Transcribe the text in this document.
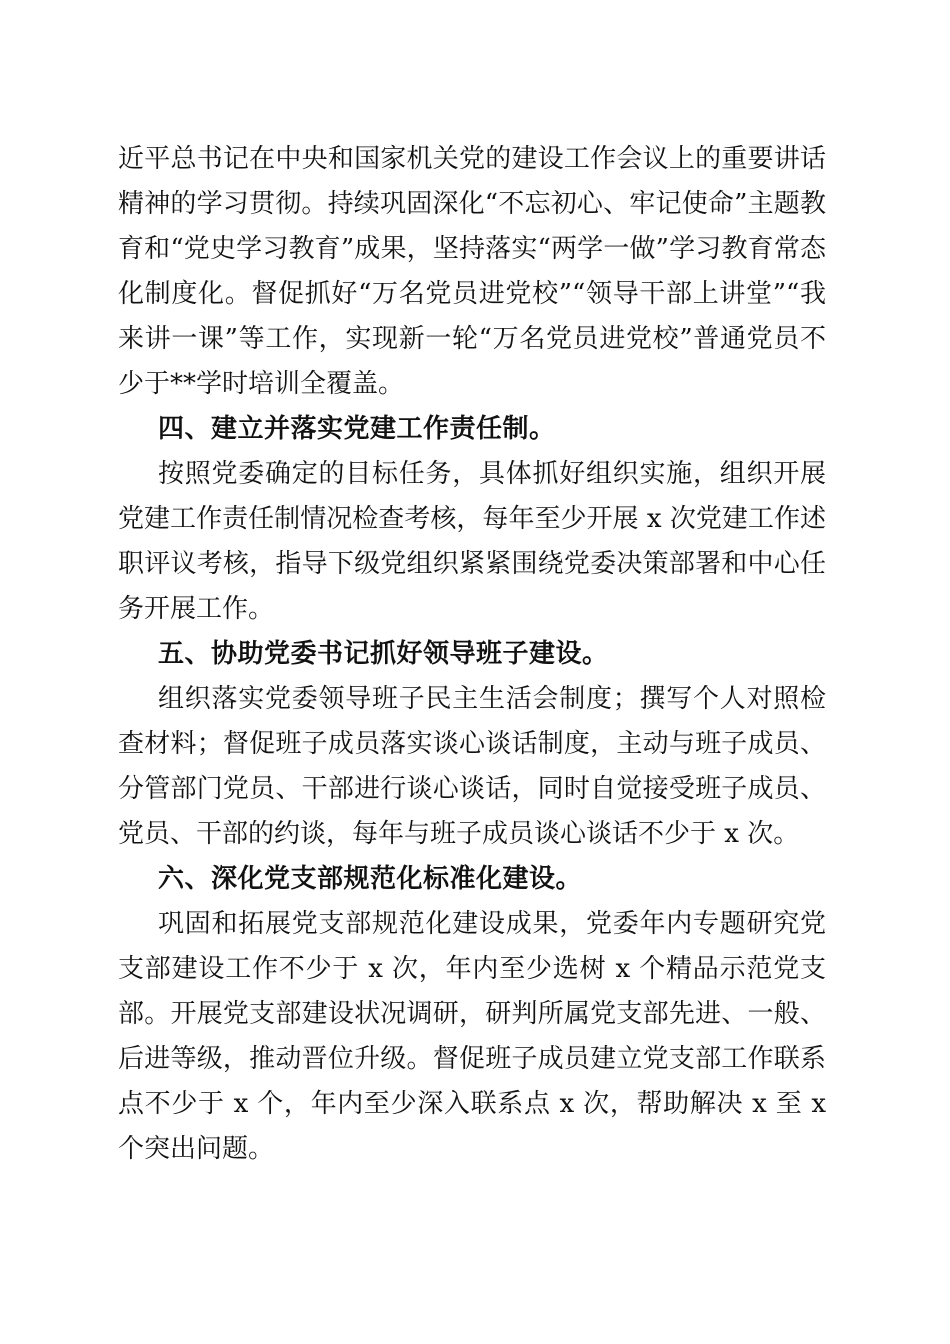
近平总书记在中央和国家机关党的建设工作会议上的重要讲话精神的学习贯彻。持续巩固深化“不忘初心、牢记使命”主题教育和“党史学习教育”成果，坚持落实“两学一做”学习教育常态化制度化。督促抓好“万名党员进党校”“领导干部上讲堂”“我来讲一课”等工作，实现新一轮“万名党员进党校”普通党员不少于**学时培训全覆盖。

四、建立并落实党建工作责任制。

按照党委确定的目标任务，具体抓好组织实施，组织开展党建工作责任制情况检查考核，每年至少开展 x 次党建工作述职评议考核，指导下级党组织紧紧围绕党委决策部署和中心任务开展工作。

五、协助党委书记抓好领导班子建设。

组织落实党委领导班子民主生活会制度；撰写个人对照检查材料；督促班子成员落实谈心谈话制度，主动与班子成员、分管部门党员、干部进行谈心谈话，同时自觉接受班子成员、党员、干部的约谈，每年与班子成员谈心谈话不少于 x 次。

六、深化党支部规范化标准化建设。

巩固和拓展党支部规范化建设成果，党委年内专题研究党支部建设工作不少于 x 次，年内至少选树 x 个精品示范党支部。开展党支部建设状况调研，研判所属党支部先进、一般、后进等级，推动晋位升级。督促班子成员建立党支部工作联系点不少于 x 个，年内至少深入联系点 x 次，帮助解决 x 至 x 个突出问题。
